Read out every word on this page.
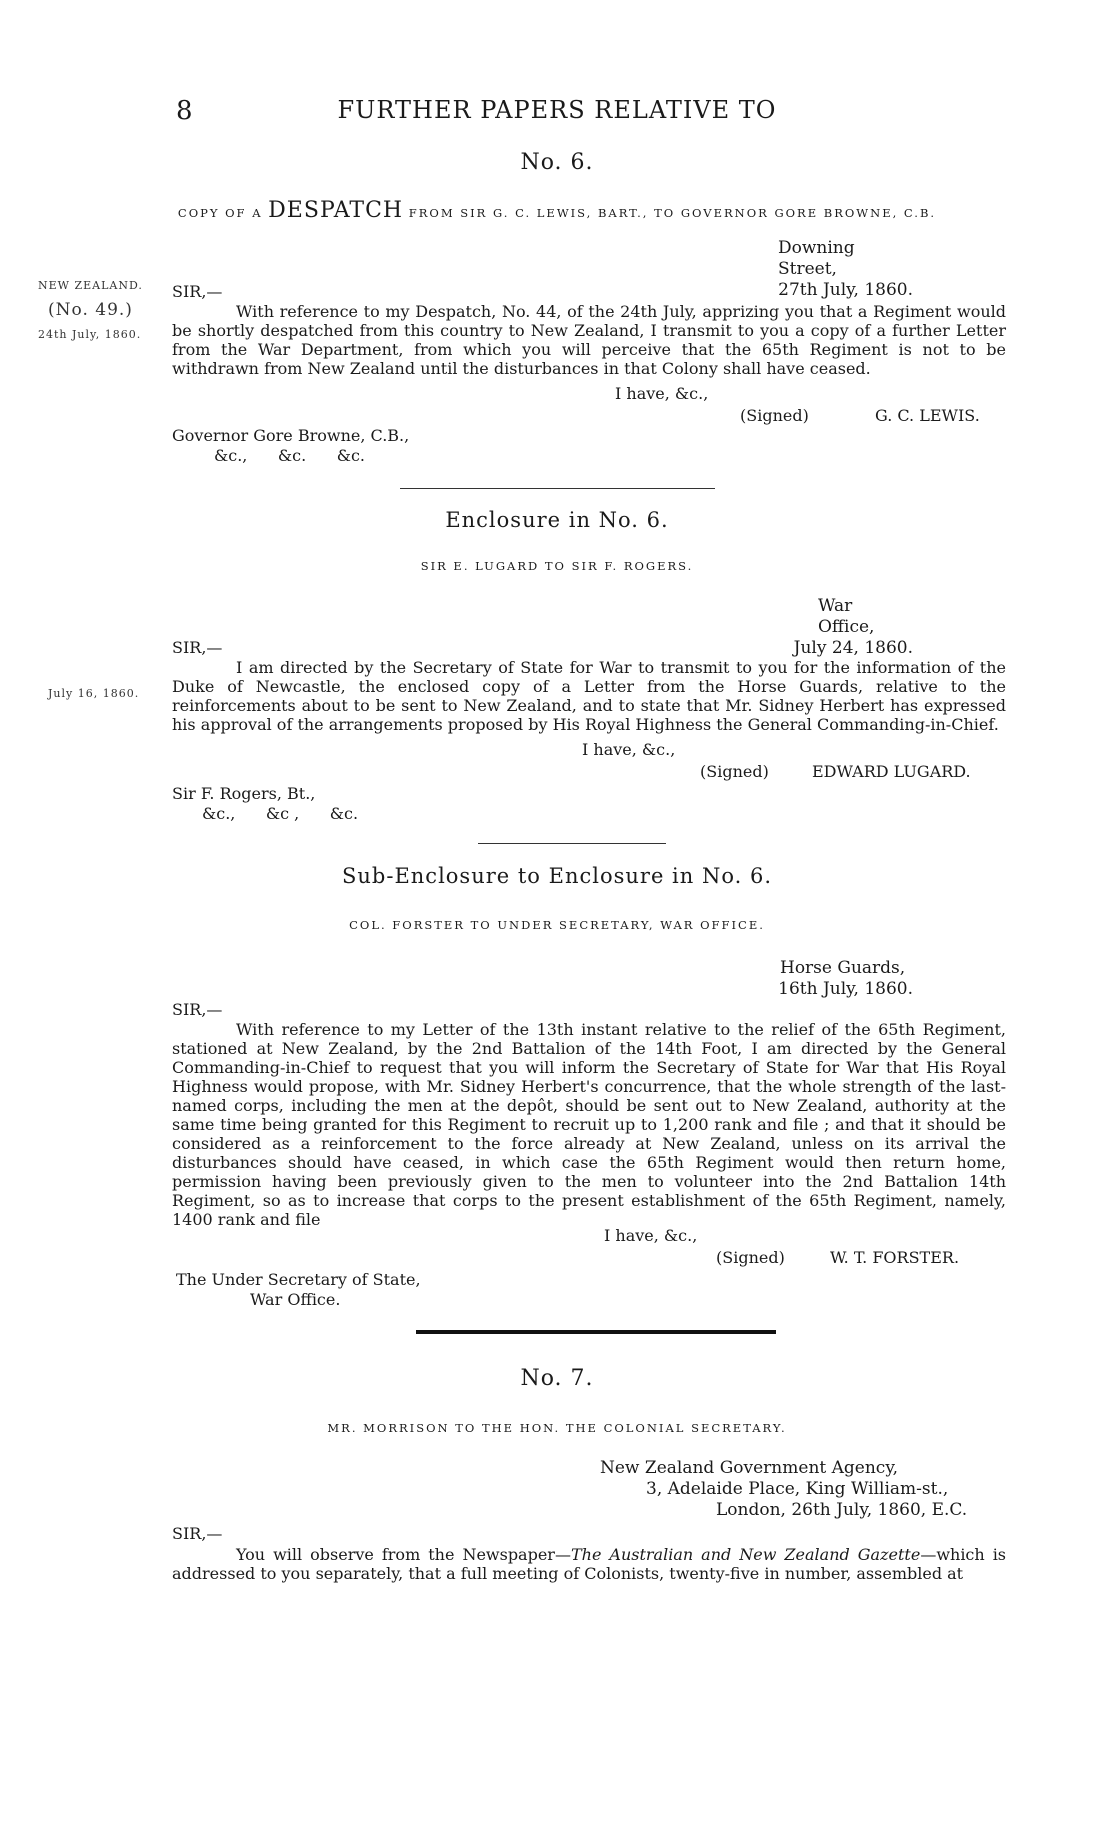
8	FURTHER PAPERS RELATIVE TO
No. 6.
COPY OF A DESPATCH FROM SIR G. C. LEWIS, BART., TO GOVERNOR GORE BROWNE, C.B.
Downing Street,
27th July, 1860.
NEW ZEALAND.
(No. 49.)
24th July, 1860.
SIR,—

With reference to my Despatch, No. 44, of the 24th July, apprizing you that a Regiment would be shortly despatched from this country to New Zealand, I transmit to you a copy of a further Letter from the War Department, from which you will perceive that the 65th Regiment is not to be withdrawn from New Zealand until the disturbances in that Colony shall have ceased.

I have, &c.,
(Signed)	G. C. LEWIS.
Governor Gore Browne, C.B.,
&c.,      &c.      &c.
Enclosure in No. 6.
SIR E. LUGARD TO SIR F. ROGERS.
War Office,
July 24, 1860.
SIR,—
July 16, 1860.

I am directed by the Secretary of State for War to transmit to you for the information of the Duke of Newcastle, the enclosed copy of a Letter from the Horse Guards, relative to the reinforcements about to be sent to New Zealand, and to state that Mr. Sidney Herbert has expressed his approval of the arrangements proposed by His Royal Highness the General Commanding-in-Chief.

I have, &c.,
(Signed)	EDWARD LUGARD.
Sir F. Rogers, Bt.,
&c.,      &c ,      &c.
Sub-Enclosure to Enclosure in No. 6.
COL. FORSTER TO UNDER SECRETARY, WAR OFFICE.
Horse Guards,
16th July, 1860.
SIR,—

With reference to my Letter of the 13th instant relative to the relief of the 65th Regiment, stationed at New Zealand, by the 2nd Battalion of the 14th Foot, I am directed by the General Commanding-in-Chief to request that you will inform the Secretary of State for War that His Royal Highness would propose, with Mr. Sidney Herbert's concurrence, that the whole strength of the last-named corps, including the men at the depôt, should be sent out to New Zealand, authority at the same time being granted for this Regiment to recruit up to 1,200 rank and file ; and that it should be considered as a reinforcement to the force already at New Zealand, unless on its arrival the disturbances should have ceased, in which case the 65th Regiment would then return home, permission having been previously given to the men to volunteer into the 2nd Battalion 14th Regiment, so as to increase that corps to the present establishment of the 65th Regiment, namely, 1400 rank and file

I have, &c.,
(Signed)	W. T. FORSTER.
The Under Secretary of State,
War Office.
No. 7.
MR. MORRISON TO THE HON. THE COLONIAL SECRETARY.
New Zealand Government Agency,
3, Adelaide Place, King William-st.,
London, 26th July, 1860, E.C.
SIR,—

You will observe from the Newspaper—The Australian and New Zealand Gazette—which is addressed to you separately, that a full meeting of Colonists, twenty-five in number, assembled at
